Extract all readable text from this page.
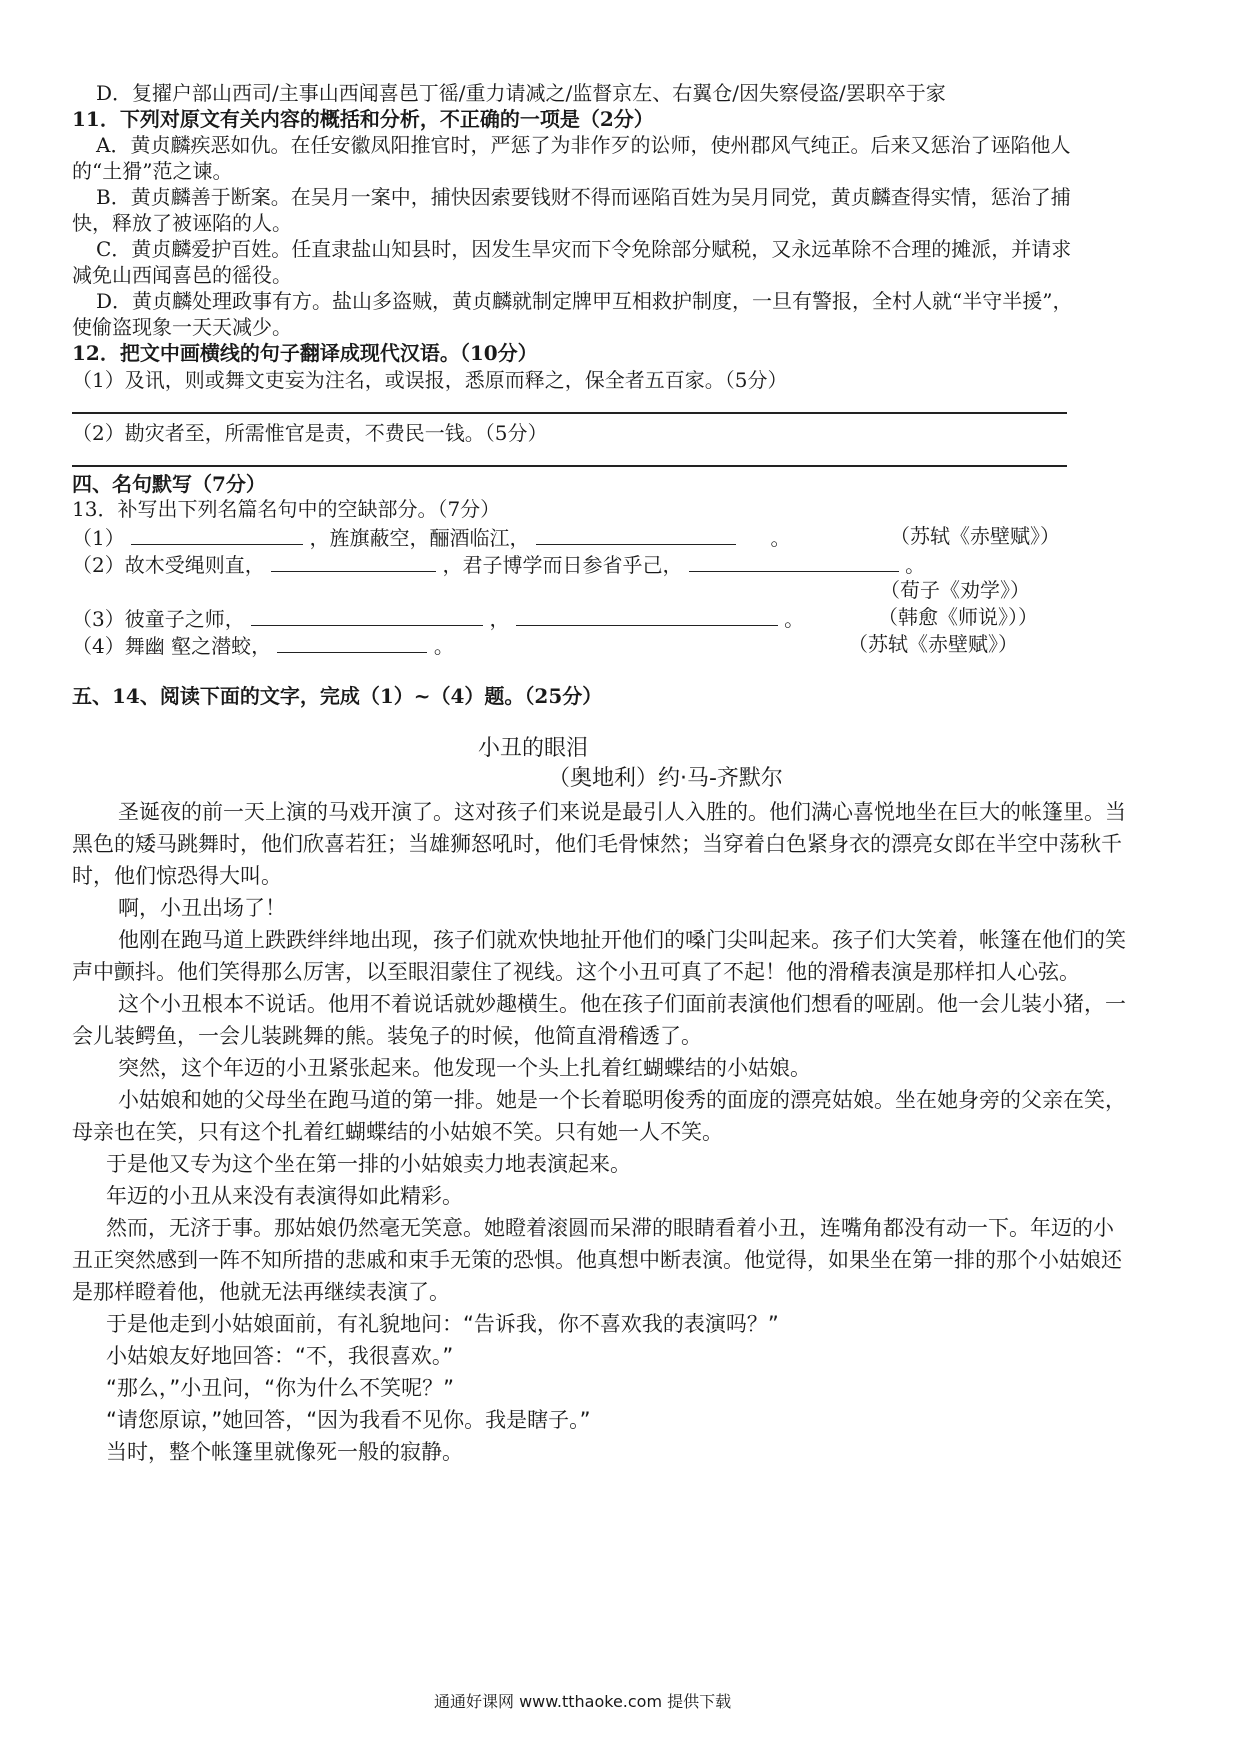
D．复擢户部山西司/主事山西闻喜邑丁徭/重力请减之/监督京左、右翼仓/因失察侵盗/罢职卒于家
11．下列对原文有关内容的概括和分析，不正确的一项是（2分）
A．黄贞麟疾恶如仇。在任安徽凤阳推官时，严惩了为非作歹的讼师，使州郡风气纯正。后来又惩治了诬陷他人
的“土猾”范之谏。
B．黄贞麟善于断案。在吴月一案中，捕快因索要钱财不得而诬陷百姓为吴月同党，黄贞麟查得实情，惩治了捕
快，释放了被诬陷的人。
C．黄贞麟爱护百姓。任直隶盐山知县时，因发生旱灾而下令免除部分赋税，又永远革除不合理的摊派，并请求
减免山西闻喜邑的徭役。
D．黄贞麟处理政事有方。盐山多盗贼，黄贞麟就制定牌甲互相救护制度，一旦有警报，全村人就“半守半援”，
使偷盗现象一天天减少。
12．把文中画横线的句子翻译成现代汉语。（10分）
（1）及讯，则或舞文吏妄为注名，或误报，悉原而释之，保全者五百家。（5分）
（2）勘灾者至，所需惟官是责，不费民一钱。（5分）
四、名句默写（7分）
13．补写出下列名篇名句中的空缺部分。（7分）
（1）	，旌旗蔽空，酾酒临江，	。	（苏轼《赤壁赋》）
（2）故木受绳则直，	，君子博学而日参省乎己，	。
（荀子《劝学》）
（3）彼童子之师，	，	。	（韩愈《师说》））
（4）舞幽 壑之潜蛟，	。	（苏轼《赤壁赋》）
五、14、阅读下面的文字，完成（1）~（4）题。（25分）
小丑的眼泪
（奥地利）约·马-齐默尔
圣诞夜的前一天上演的马戏开演了。这对孩子们来说是最引人入胜的。他们满心喜悦地坐在巨大的帐篷里。当
黑色的矮马跳舞时，他们欣喜若狂；当雄狮怒吼时，他们毛骨悚然；当穿着白色紧身衣的漂亮女郎在半空中荡秋千
时，他们惊恐得大叫。
啊，小丑出场了！
他刚在跑马道上跌跌绊绊地出现，孩子们就欢快地扯开他们的嗓门尖叫起来。孩子们大笑着，帐篷在他们的笑
声中颤抖。他们笑得那么厉害，以至眼泪蒙住了视线。这个小丑可真了不起！他的滑稽表演是那样扣人心弦。
这个小丑根本不说话。他用不着说话就妙趣横生。他在孩子们面前表演他们想看的哑剧。他一会儿装小猪，一
会儿装鳄鱼，一会儿装跳舞的熊。装兔子的时候，他简直滑稽透了。
突然，这个年迈的小丑紧张起来。他发现一个头上扎着红蝴蝶结的小姑娘。
小姑娘和她的父母坐在跑马道的第一排。她是一个长着聪明俊秀的面庞的漂亮姑娘。坐在她身旁的父亲在笑，
母亲也在笑，只有这个扎着红蝴蝶结的小姑娘不笑。只有她一人不笑。
于是他又专为这个坐在第一排的小姑娘卖力地表演起来。
年迈的小丑从来没有表演得如此精彩。
然而，无济于事。那姑娘仍然毫无笑意。她瞪着滚圆而呆滞的眼睛看着小丑，连嘴角都没有动一下。年迈的小
丑正突然感到一阵不知所措的悲戚和束手无策的恐惧。他真想中断表演。他觉得，如果坐在第一排的那个小姑娘还
是那样瞪着他，他就无法再继续表演了。
于是他走到小姑娘面前，有礼貌地问：“告诉我，你不喜欢我的表演吗？”
小姑娘友好地回答：“不，我很喜欢。”
“那么，”小丑问，“你为什么不笑呢？”
“请您原谅，”她回答，“因为我看不见你。我是瞎子。”
当时，整个帐篷里就像死一般的寂静。
通通好课网 www.tthaoke.com 提供下载
